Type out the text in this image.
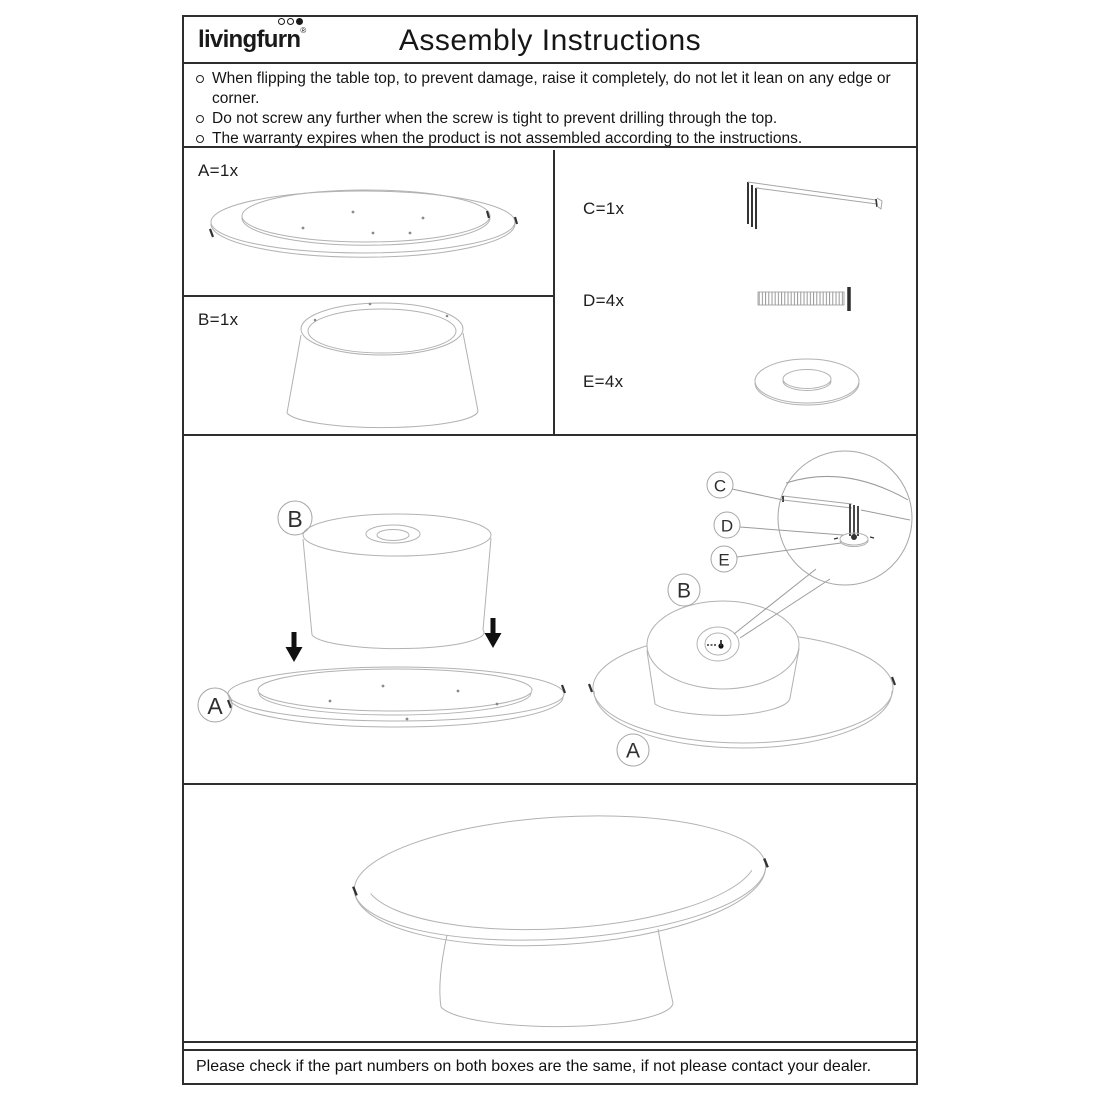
livingfurn®	Assembly Instructions
When flipping the table top, to prevent damage, raise it completely, do not let it lean on any edge or corner.
Do not screw any further when the screw is tight to prevent drilling through the top.
The warranty expires when the product is not assembled according to the instructions.
A=1x
B=1x
C=1x
D=4x
E=4x
B
A
C
D
E
B
A
Please check if the part numbers on both boxes are the same, if not please contact your dealer.
